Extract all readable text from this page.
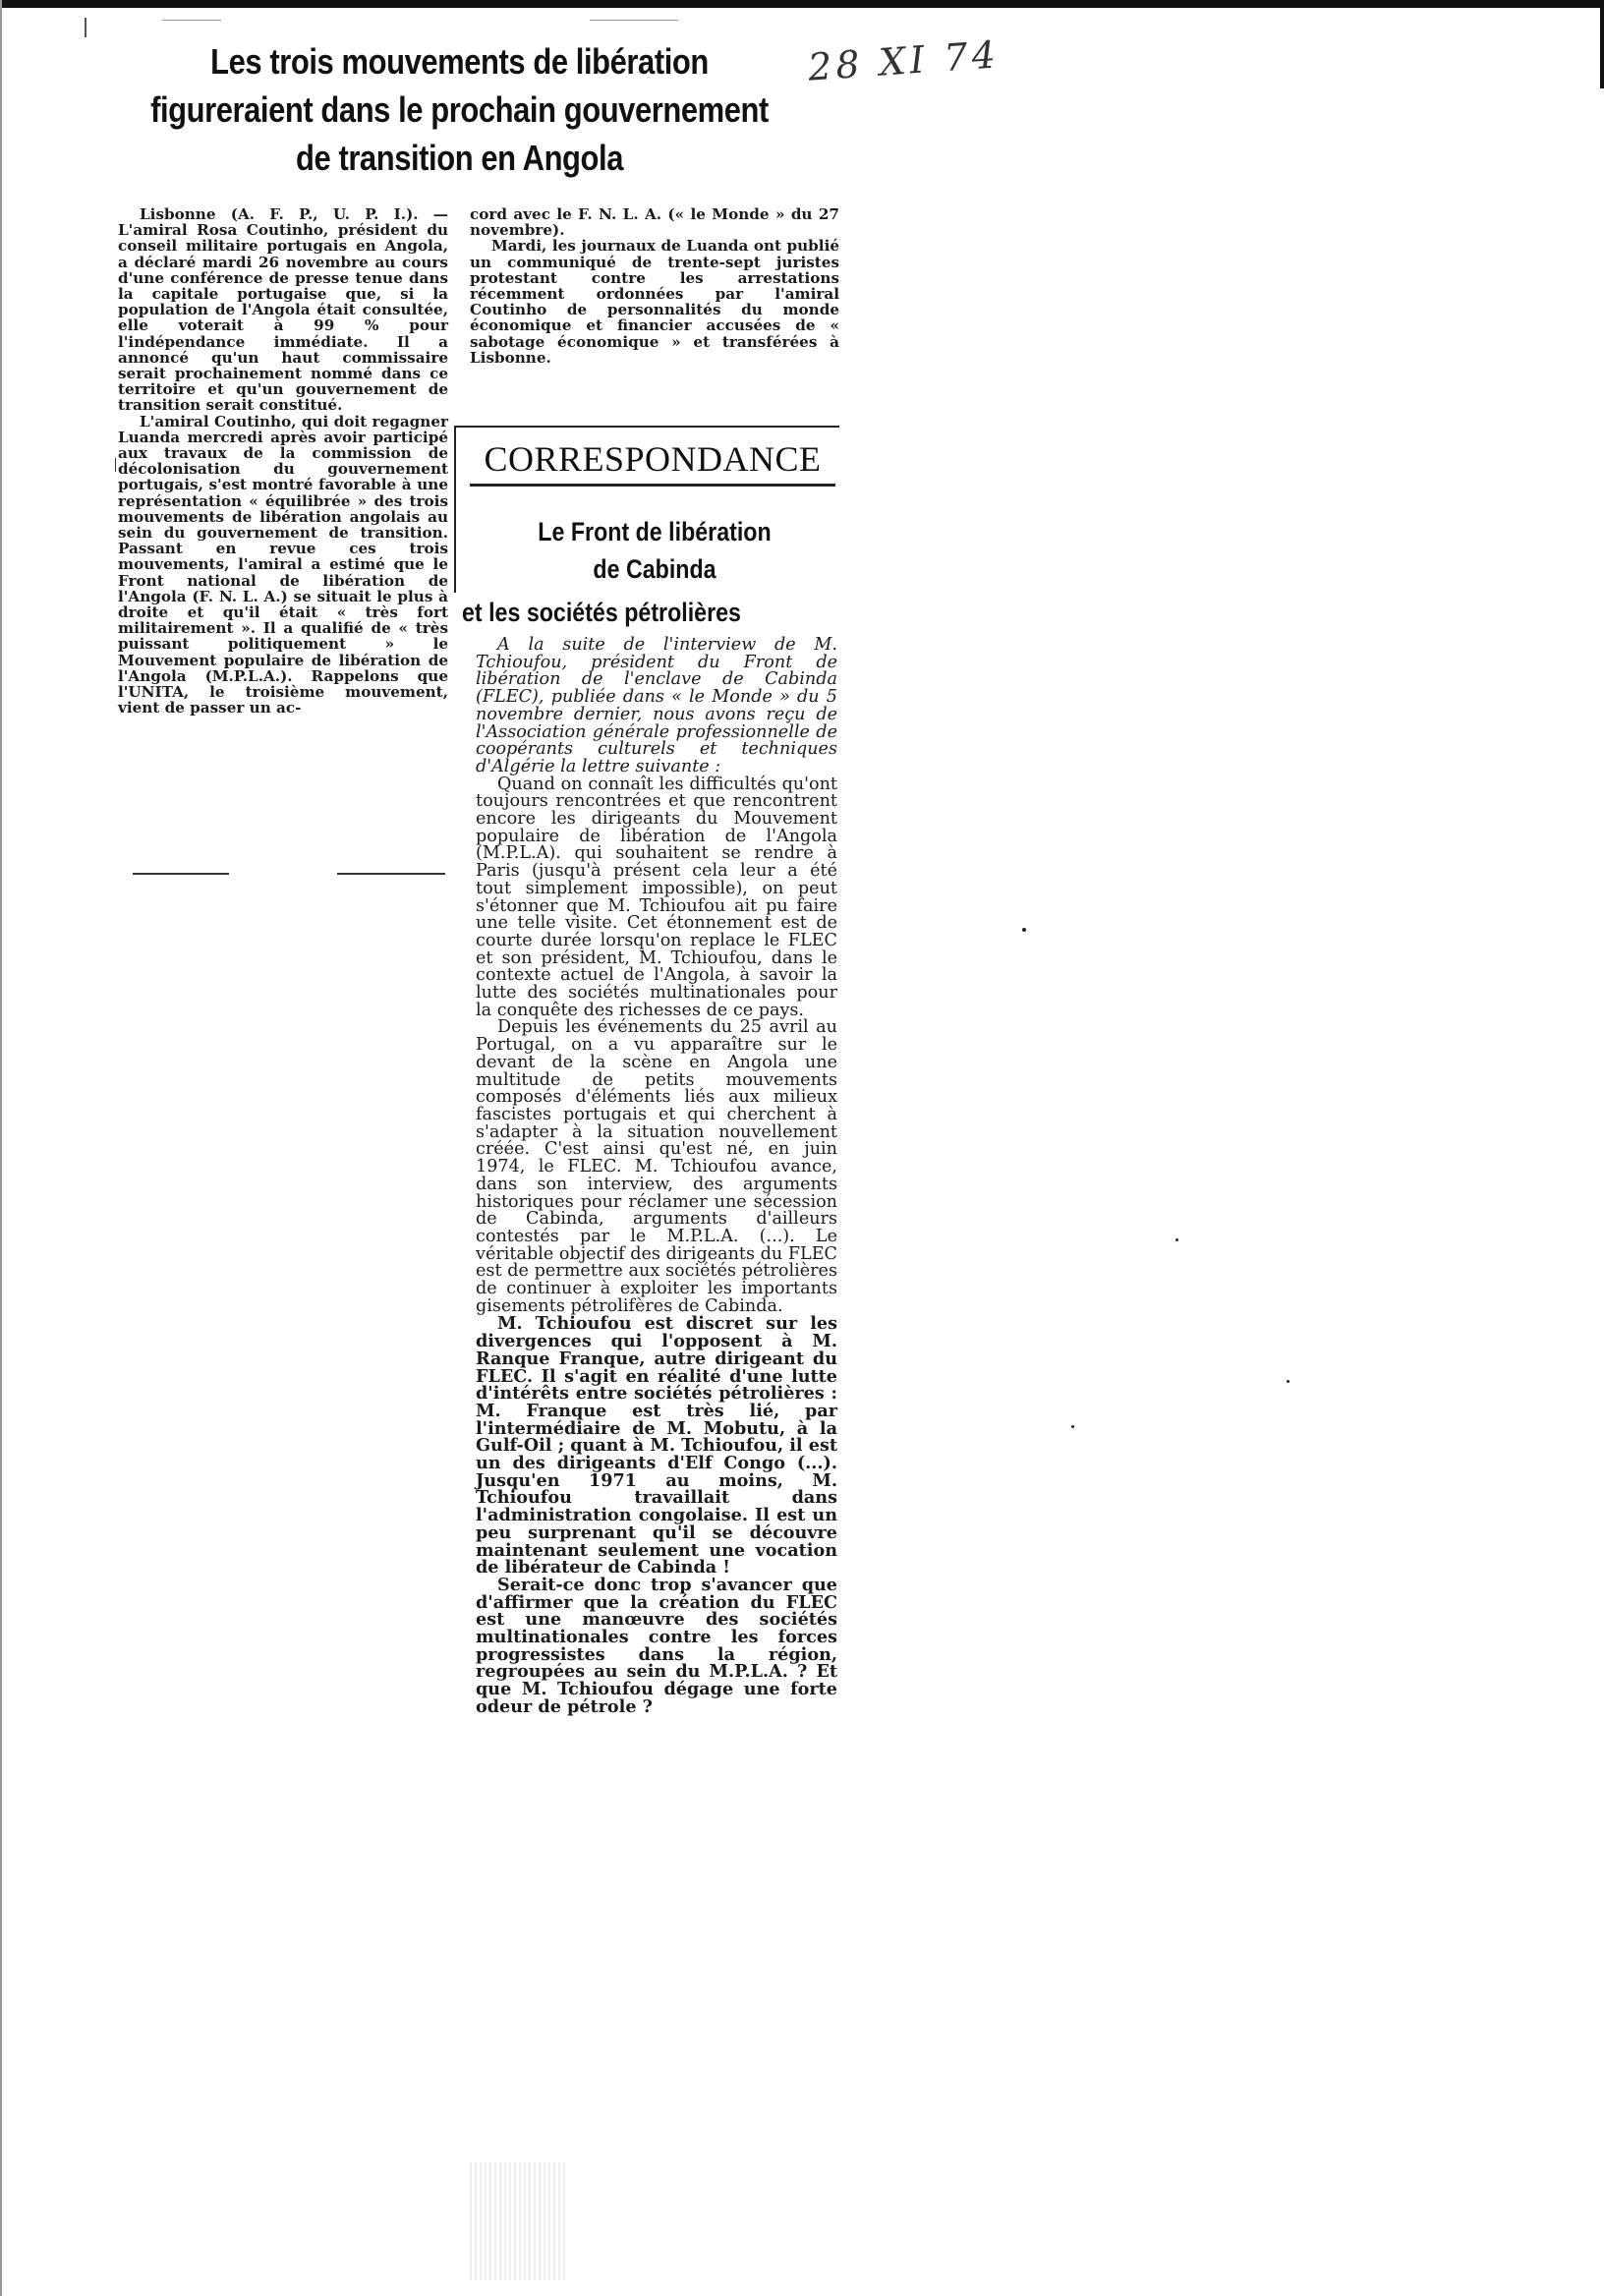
Les trois mouvements de libération
figureraient dans le prochain gouvernement
de transition en Angola
28 XI 74

Lisbonne (A. F. P., U. P. I.). — L'amiral Rosa Coutinho, président du conseil militaire portugais en Angola, a déclaré mardi 26 novembre au cours d'une conférence de presse tenue dans la capitale portugaise que, si la population de l'Angola était consultée, elle voterait à 99 % pour l'indépendance immédiate. Il a annoncé qu'un haut commissaire serait prochainement nommé dans ce territoire et qu'un gouvernement de transition serait constitué.

L'amiral Coutinho, qui doit regagner Luanda mercredi après avoir participé aux travaux de la commission de décolonisation du gouvernement portugais, s'est montré favorable à une représentation « équilibrée » des trois mouvements de libération angolais au sein du gouvernement de transition. Passant en revue ces trois mouvements, l'amiral a estimé que le Front national de libération de l'Angola (F. N. L. A.) se situait le plus à droite et qu'il était « très fort militairement ». Il a qualifié de « très puissant politiquement » le Mouvement populaire de libération de l'Angola (M.P.L.A.). Rappelons que l'UNITA, le troisième mouvement, vient de passer un ac-

cord avec le F. N. L. A. (« le Monde » du 27 novembre).

Mardi, les journaux de Luanda ont publié un communiqué de trente-sept juristes protestant contre les arrestations récemment ordonnées par l'amiral Coutinho de personnalités du monde économique et financier accusées de « sabotage économique » et transférées à Lisbonne.

CORRESPONDANCE
Le Front de libération
de Cabinda
et les sociétés pétrolières

A la suite de l'interview de M. Tchioufou, président du Front de libération de l'enclave de Cabinda (FLEC), publiée dans « le Monde » du 5 novembre dernier, nous avons reçu de l'Association générale professionnelle de coopérants culturels et techniques d'Algérie la lettre suivante :

Quand on connaît les difficultés qu'ont toujours rencontrées et que rencontrent encore les dirigeants du Mouvement populaire de libération de l'Angola (M.P.L.A). qui souhaitent se rendre à Paris (jusqu'à présent cela leur a été tout simplement impossible), on peut s'étonner que M. Tchioufou ait pu faire une telle visite. Cet étonnement est de courte durée lorsqu'on replace le FLEC et son président, M. Tchioufou, dans le contexte actuel de l'Angola, à savoir la lutte des sociétés multinationales pour la conquête des richesses de ce pays.

Depuis les événements du 25 avril au Portugal, on a vu apparaître sur le devant de la scène en Angola une multitude de petits mouvements composés d'éléments liés aux milieux fascistes portugais et qui cherchent à s'adapter à la situation nouvellement créée. C'est ainsi qu'est né, en juin 1974, le FLEC. M. Tchioufou avance, dans son interview, des arguments historiques pour réclamer une sécession de Cabinda, arguments d'ailleurs contestés par le M.P.L.A. (...). Le véritable objectif des dirigeants du FLEC est de permettre aux sociétés pétrolières de continuer à exploiter les importants gisements pétrolifères de Cabinda.

M. Tchioufou est discret sur les divergences qui l'opposent à M. Ranque Franque, autre dirigeant du FLEC. Il s'agit en réalité d'une lutte d'intérêts entre sociétés pétrolières : M. Franque est très lié, par l'intermédiaire de M. Mobutu, à la Gulf-Oil ; quant à M. Tchioufou, il est un des dirigeants d'Elf Congo (...). Jusqu'en 1971 au moins, M. Tchioufou travaillait dans l'administration congolaise. Il est un peu surprenant qu'il se découvre maintenant seulement une vocation de libérateur de Cabinda !

Serait-ce donc trop s'avancer que d'affirmer que la création du FLEC est une manœuvre des sociétés multinationales contre les forces progressistes dans la région, regroupées au sein du M.P.L.A. ? Et que M. Tchioufou dégage une forte odeur de pétrole ?
